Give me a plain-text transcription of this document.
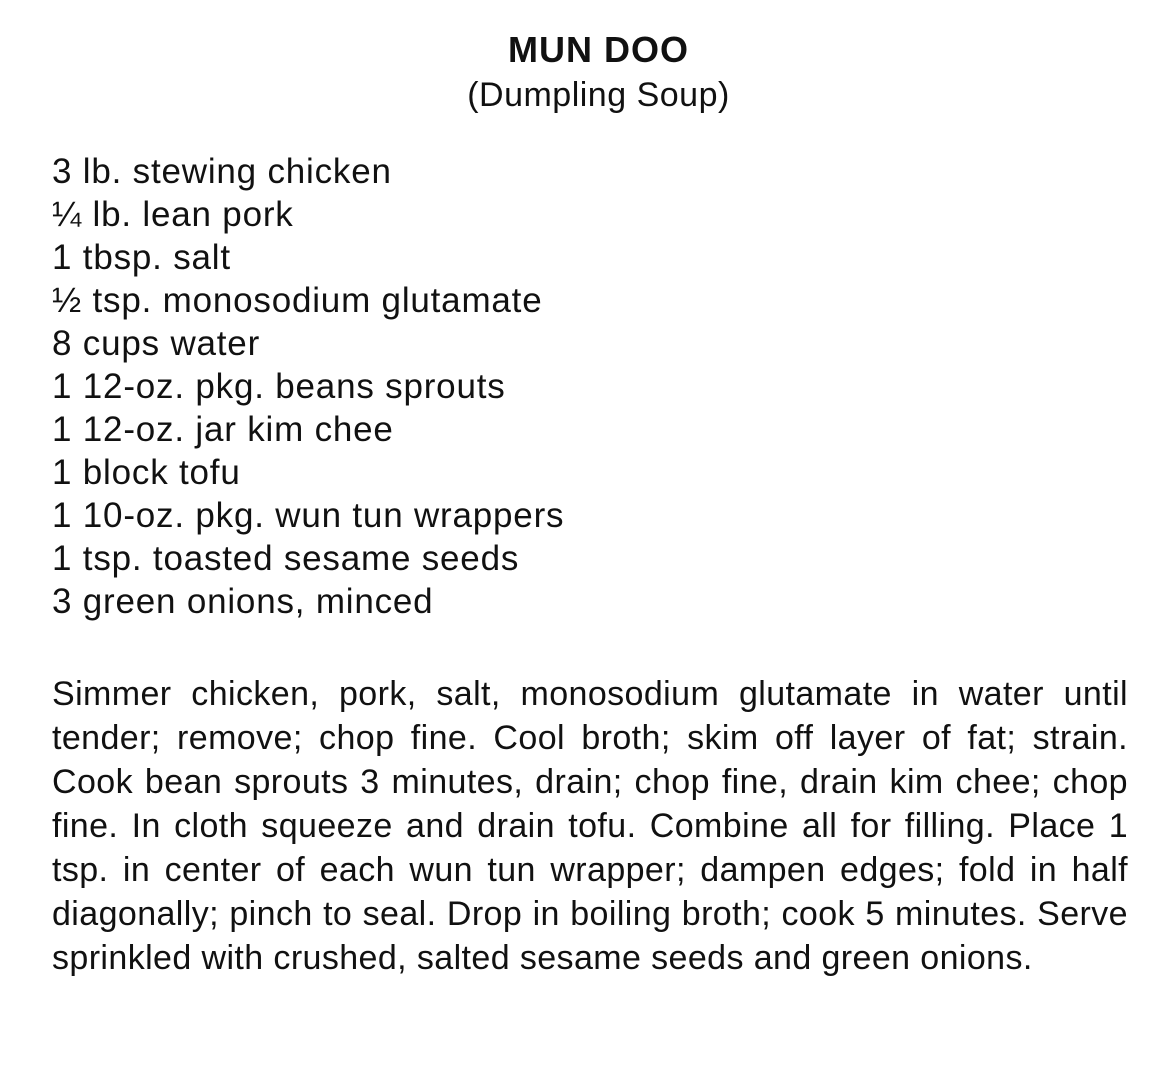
MUN DOO
(Dumpling Soup)
3 lb. stewing chicken
¼ lb. lean pork
1 tbsp. salt
½ tsp. monosodium glutamate
8 cups water
1 12-oz. pkg. beans sprouts
1 12-oz. jar kim chee
1 block tofu
1 10-oz. pkg. wun tun wrappers
1 tsp. toasted sesame seeds
3 green onions, minced

Simmer chicken, pork, salt, monosodium glutamate in water until tender; remove; chop fine. Cool broth; skim off layer of fat; strain. Cook bean sprouts 3 minutes, drain; chop fine, drain kim chee; chop fine. In cloth squeeze and drain tofu. Combine all for filling. Place 1 tsp. in center of each wun tun wrapper; dampen edges; fold in half diagonally; pinch to seal. Drop in boiling broth; cook 5 minutes. Serve sprinkled with crushed, salted sesame seeds and green onions.
